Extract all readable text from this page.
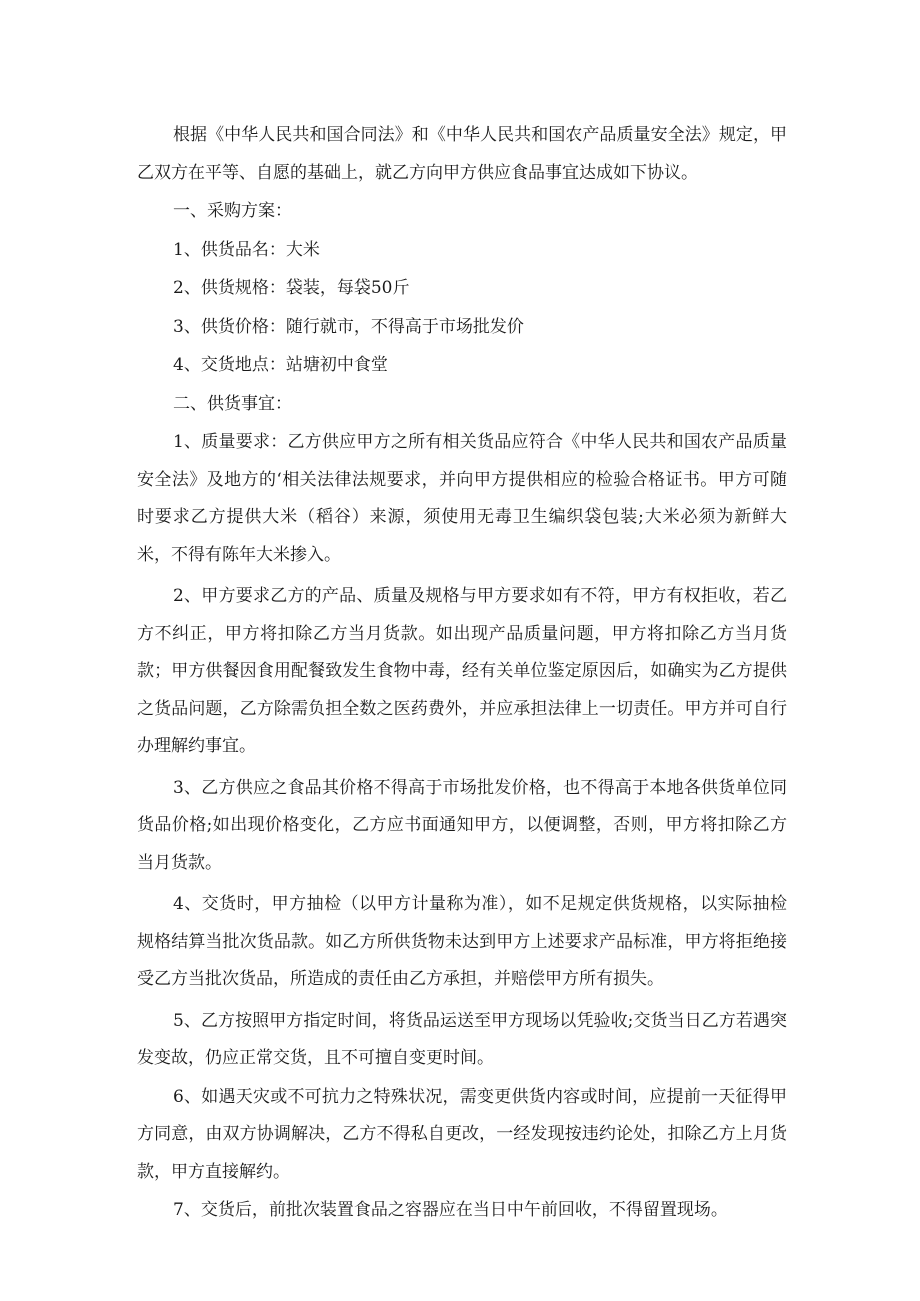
根据《中华人民共和国合同法》和《中华人民共和国农产品质量安全法》规定，甲乙双方在平等、自愿的基础上，就乙方向甲方供应食品事宜达成如下协议。

一、采购方案：

1、供货品名：大米

2、供货规格：袋装，每袋50斤

3、供货价格：随行就市，不得高于市场批发价

4、交货地点：站塘初中食堂

二、供货事宜：

1、质量要求：乙方供应甲方之所有相关货品应符合《中华人民共和国农产品质量安全法》及地方的‘相关法律法规要求，并向甲方提供相应的检验合格证书。甲方可随时要求乙方提供大米（稻谷）来源，须使用无毒卫生编织袋包装;大米必须为新鲜大米，不得有陈年大米掺入。

2、甲方要求乙方的产品、质量及规格与甲方要求如有不符，甲方有权拒收，若乙方不纠正，甲方将扣除乙方当月货款。如出现产品质量问题，甲方将扣除乙方当月货款；甲方供餐因食用配餐致发生食物中毒，经有关单位鉴定原因后，如确实为乙方提供之货品问题，乙方除需负担全数之医药费外，并应承担法律上一切责任。甲方并可自行办理解约事宜。

3、乙方供应之食品其价格不得高于市场批发价格，也不得高于本地各供货单位同货品价格;如出现价格变化，乙方应书面通知甲方，以便调整，否则，甲方将扣除乙方当月货款。

4、交货时，甲方抽检（以甲方计量称为准），如不足规定供货规格，以实际抽检规格结算当批次货品款。如乙方所供货物未达到甲方上述要求产品标准，甲方将拒绝接受乙方当批次货品，所造成的责任由乙方承担，并赔偿甲方所有损失。

5、乙方按照甲方指定时间，将货品运送至甲方现场以凭验收;交货当日乙方若遇突发变故，仍应正常交货，且不可擅自变更时间。

6、如遇天灾或不可抗力之特殊状况，需变更供货内容或时间，应提前一天征得甲方同意，由双方协调解决，乙方不得私自更改，一经发现按违约论处，扣除乙方上月货款，甲方直接解约。

7、交货后，前批次装置食品之容器应在当日中午前回收，不得留置现场。
